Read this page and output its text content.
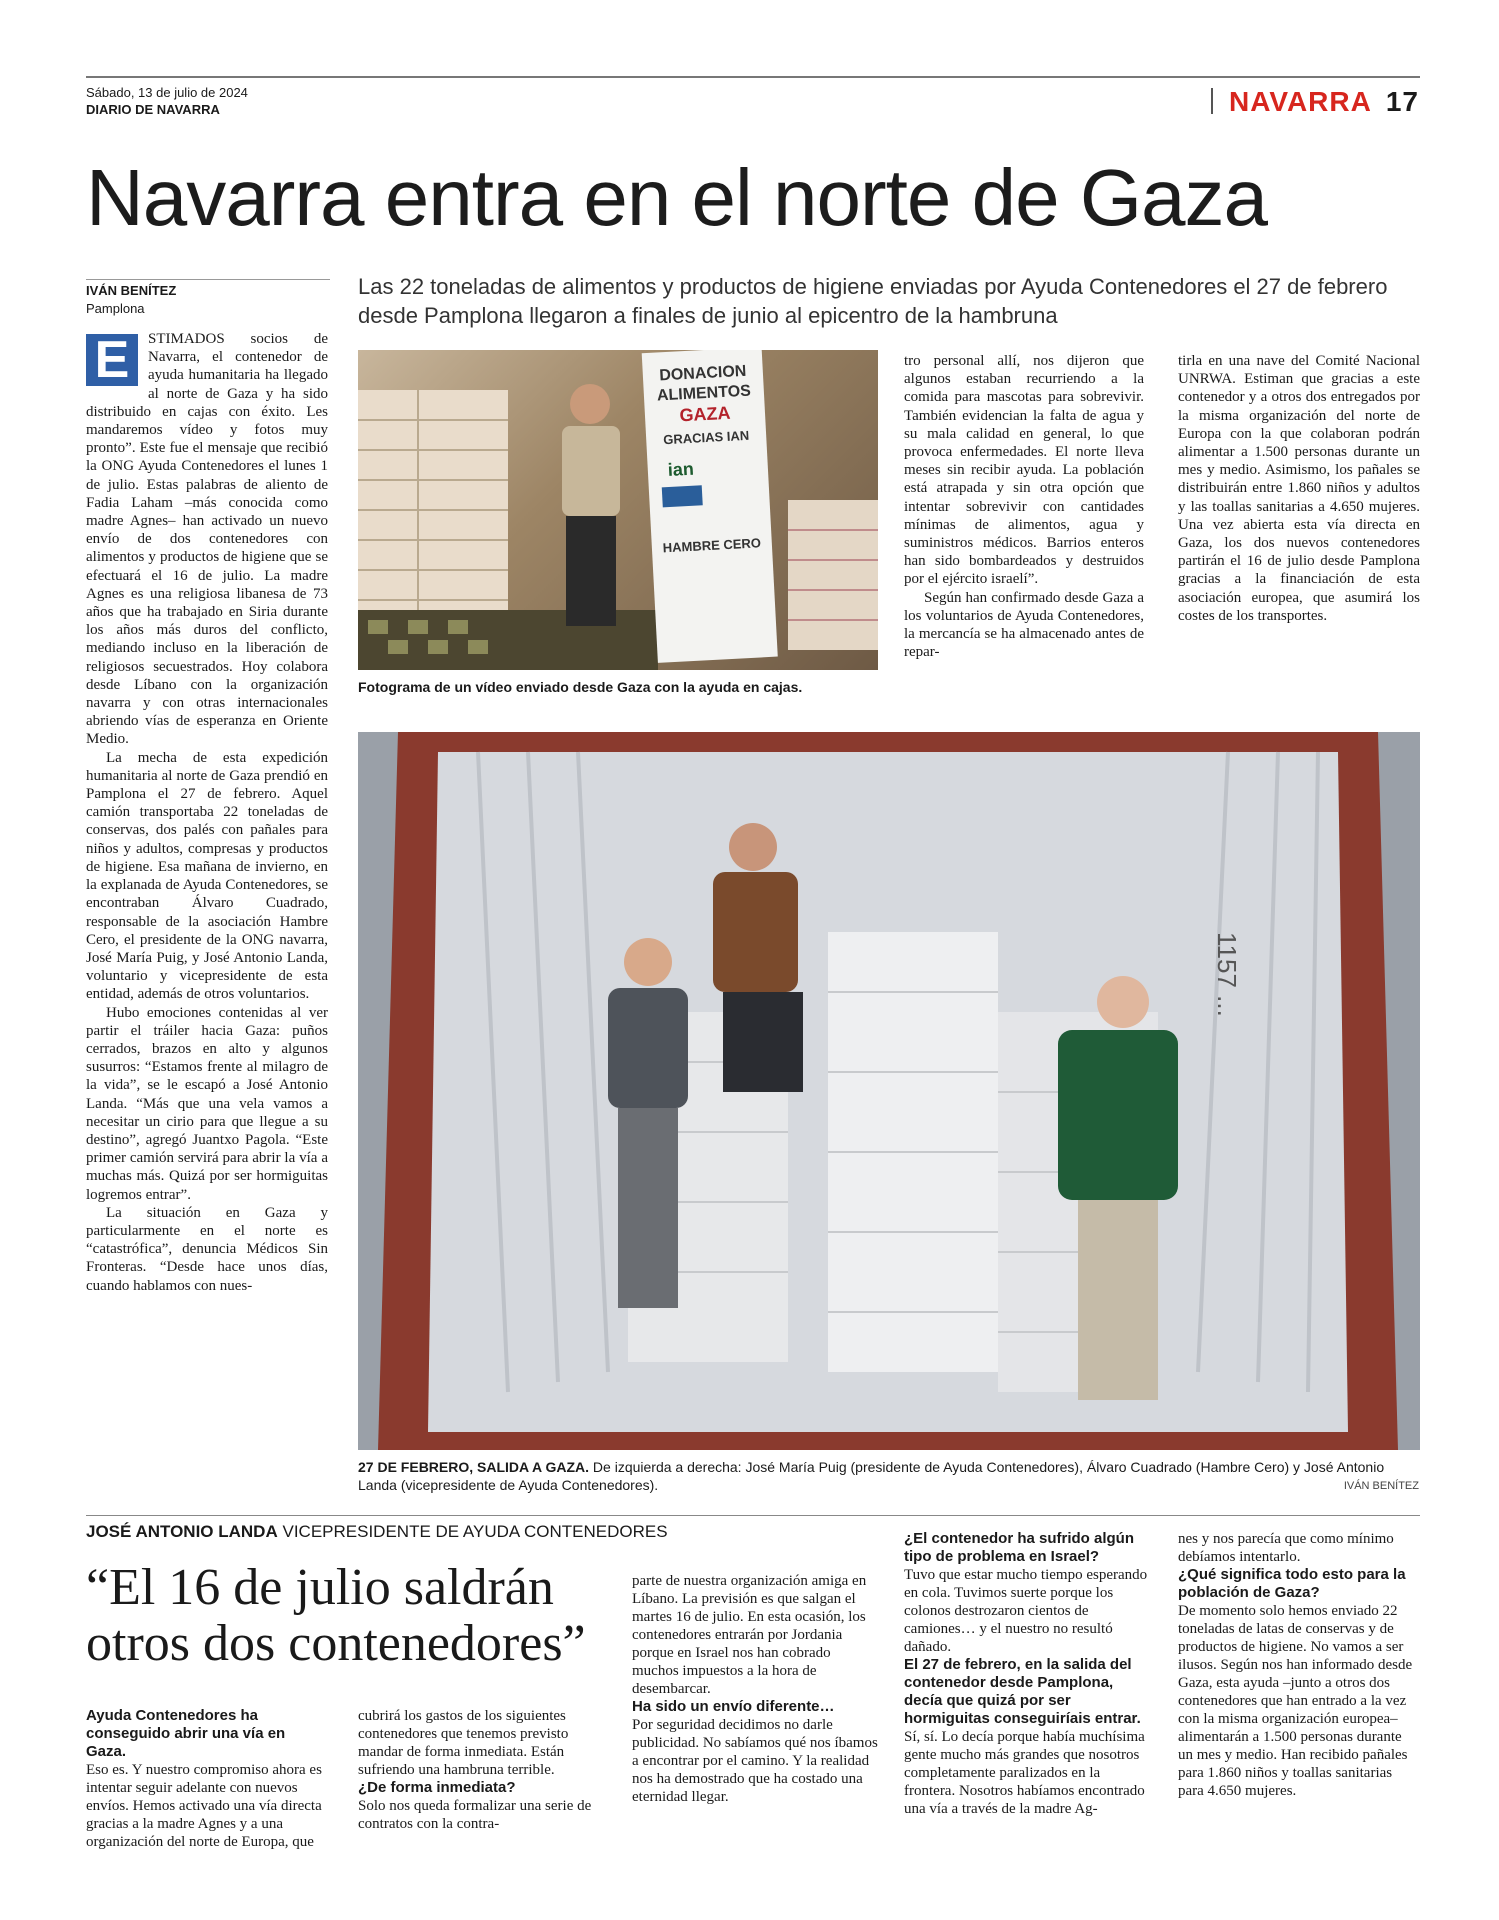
Sábado, 13 de julio de 2024
DIARIO DE NAVARRA	NAVARRA 17
Navarra entra en el norte de Gaza
IVÁN BENÍTEZ
Pamplona
Las 22 toneladas de alimentos y productos de higiene enviadas por Ayuda Contenedores el 27 de febrero desde Pamplona llegaron a finales de junio al epicentro de la hambruna

E	STIMADOS socios de Navarra, el contenedor de ayuda humanitaria ha llegado al norte de Gaza y ha sido distribuido en cajas con éxito. Les mandaremos vídeo y fotos muy pronto”. Este fue el mensaje que recibió la ONG Ayuda Contenedores el lunes 1 de julio. Estas palabras de aliento de Fadia Laham –más conocida como madre Agnes– han activado un nuevo envío de dos contenedores con alimentos y productos de higiene que se efectuará el 16 de julio. La madre Agnes es una religiosa libanesa de 73 años que ha trabajado en Siria durante los años más duros del conflicto, mediando incluso en la liberación de religiosos secuestrados. Hoy colabora desde Líbano con la organización navarra y con otras internacionales abriendo vías de esperanza en Oriente Medio.

La mecha de esta expedición humanitaria al norte de Gaza prendió en Pamplona el 27 de febrero. Aquel camión transportaba 22 toneladas de conservas, dos palés con pañales para niños y adultos, compresas y productos de higiene. Esa mañana de invierno, en la explanada de Ayuda Contenedores, se encontraban Álvaro Cuadrado, responsable de la asociación Hambre Cero, el presidente de la ONG navarra, José María Puig, y José Antonio Landa, voluntario y vicepresidente de esta entidad, además de otros voluntarios.

Hubo emociones contenidas al ver partir el tráiler hacia Gaza: puños cerrados, brazos en alto y algunos susurros: “Estamos frente al milagro de la vida”, se le escapó a José Antonio Landa. “Más que una vela vamos a necesitar un cirio para que llegue a su destino”, agregó Juantxo Pagola. “Este primer camión servirá para abrir la vía a muchas más. Quizá por ser hormiguitas logremos entrar”.

La situación en Gaza y particularmente en el norte es “catastrófica”, denuncia Médicos Sin Fronteras. “Desde hace unos días, cuando hablamos con nues-

DONACION
ALIMENTOS
GAZA
GRACIAS IAN
ian
HAMBRE CERO
Fotograma de un vídeo enviado desde Gaza con la ayuda en cajas.

tro personal allí, nos dijeron que algunos estaban recurriendo a la comida para mascotas para sobrevivir. También evidencian la falta de agua y su mala calidad en general, lo que provoca enfermedades. El norte lleva meses sin recibir ayuda. La población está atrapada y sin otra opción que intentar sobrevivir con cantidades mínimas de alimentos, agua y suministros médicos. Barrios enteros han sido bombardeados y destruidos por el ejército israelí”.

Según han confirmado desde Gaza a los voluntarios de Ayuda Contenedores, la mercancía se ha almacenado antes de repar-

tirla en una nave del Comité Nacional UNRWA. Estiman que gracias a este contenedor y a otros dos entregados por la misma organización del norte de Europa con la que colaboran podrán alimentar a 1.500 personas durante un mes y medio. Asimismo, los pañales se distribuirán entre 1.860 niños y adultos y las toallas sanitarias a 4.650 mujeres. Una vez abierta esta vía directa en Gaza, los dos nuevos contenedores partirán el 16 de julio desde Pamplona gracias a la financiación de esta asociación europea, que asumirá los costes de los transportes.

1157 ...
27 DE FEBRERO, SALIDA A GAZA. De izquierda a derecha: José María Puig (presidente de Ayuda Contenedores), Álvaro Cuadrado (Hambre Cero) y José Antonio Landa (vicepresidente de Ayuda Contenedores).	IVÁN BENÍTEZ
JOSÉ ANTONIO LANDA VICEPRESIDENTE DE AYUDA CONTENEDORES
“El 16 de julio saldrán otros dos contenedores”

Ayuda Contenedores ha conseguido abrir una vía en Gaza.

Eso es. Y nuestro compromiso ahora es intentar seguir adelante con nuevos envíos. Hemos activado una vía directa gracias a la madre Agnes y a una organización del norte de Europa, que

cubrirá los gastos de los siguientes contenedores que tenemos previsto mandar de forma inmediata. Están sufriendo una hambruna terrible.

¿De forma inmediata?

Solo nos queda formalizar una serie de contratos con la contra-

parte de nuestra organización amiga en Líbano. La previsión es que salgan el martes 16 de julio. En esta ocasión, los contenedores entrarán por Jordania porque en Israel nos han cobrado muchos impuestos a la hora de desembarcar.

Ha sido un envío diferente…

Por seguridad decidimos no darle publicidad. No sabíamos qué nos íbamos a encontrar por el camino. Y la realidad nos ha demostrado que ha costado una eternidad llegar.

¿El contenedor ha sufrido algún tipo de problema en Israel?

Tuvo que estar mucho tiempo esperando en cola. Tuvimos suerte porque los colonos destrozaron cientos de camiones… y el nuestro no resultó dañado.

El 27 de febrero, en la salida del contenedor desde Pamplona, decía que quizá por ser hormiguitas conseguiríais entrar.

Sí, sí. Lo decía porque había muchísima gente mucho más grandes que nosotros completamente paralizados en la frontera. Nosotros habíamos encontrado una vía a través de la madre Ag-

nes y nos parecía que como mínimo debíamos intentarlo.

¿Qué significa todo esto para la población de Gaza?

De momento solo hemos enviado 22 toneladas de latas de conservas y de productos de higiene. No vamos a ser ilusos. Según nos han informado desde Gaza, esta ayuda –junto a otros dos contenedores que han entrado a la vez con la misma organización europea– alimentarán a 1.500 personas durante un mes y medio. Han recibido pañales para 1.860 niños y toallas sanitarias para 4.650 mujeres.
